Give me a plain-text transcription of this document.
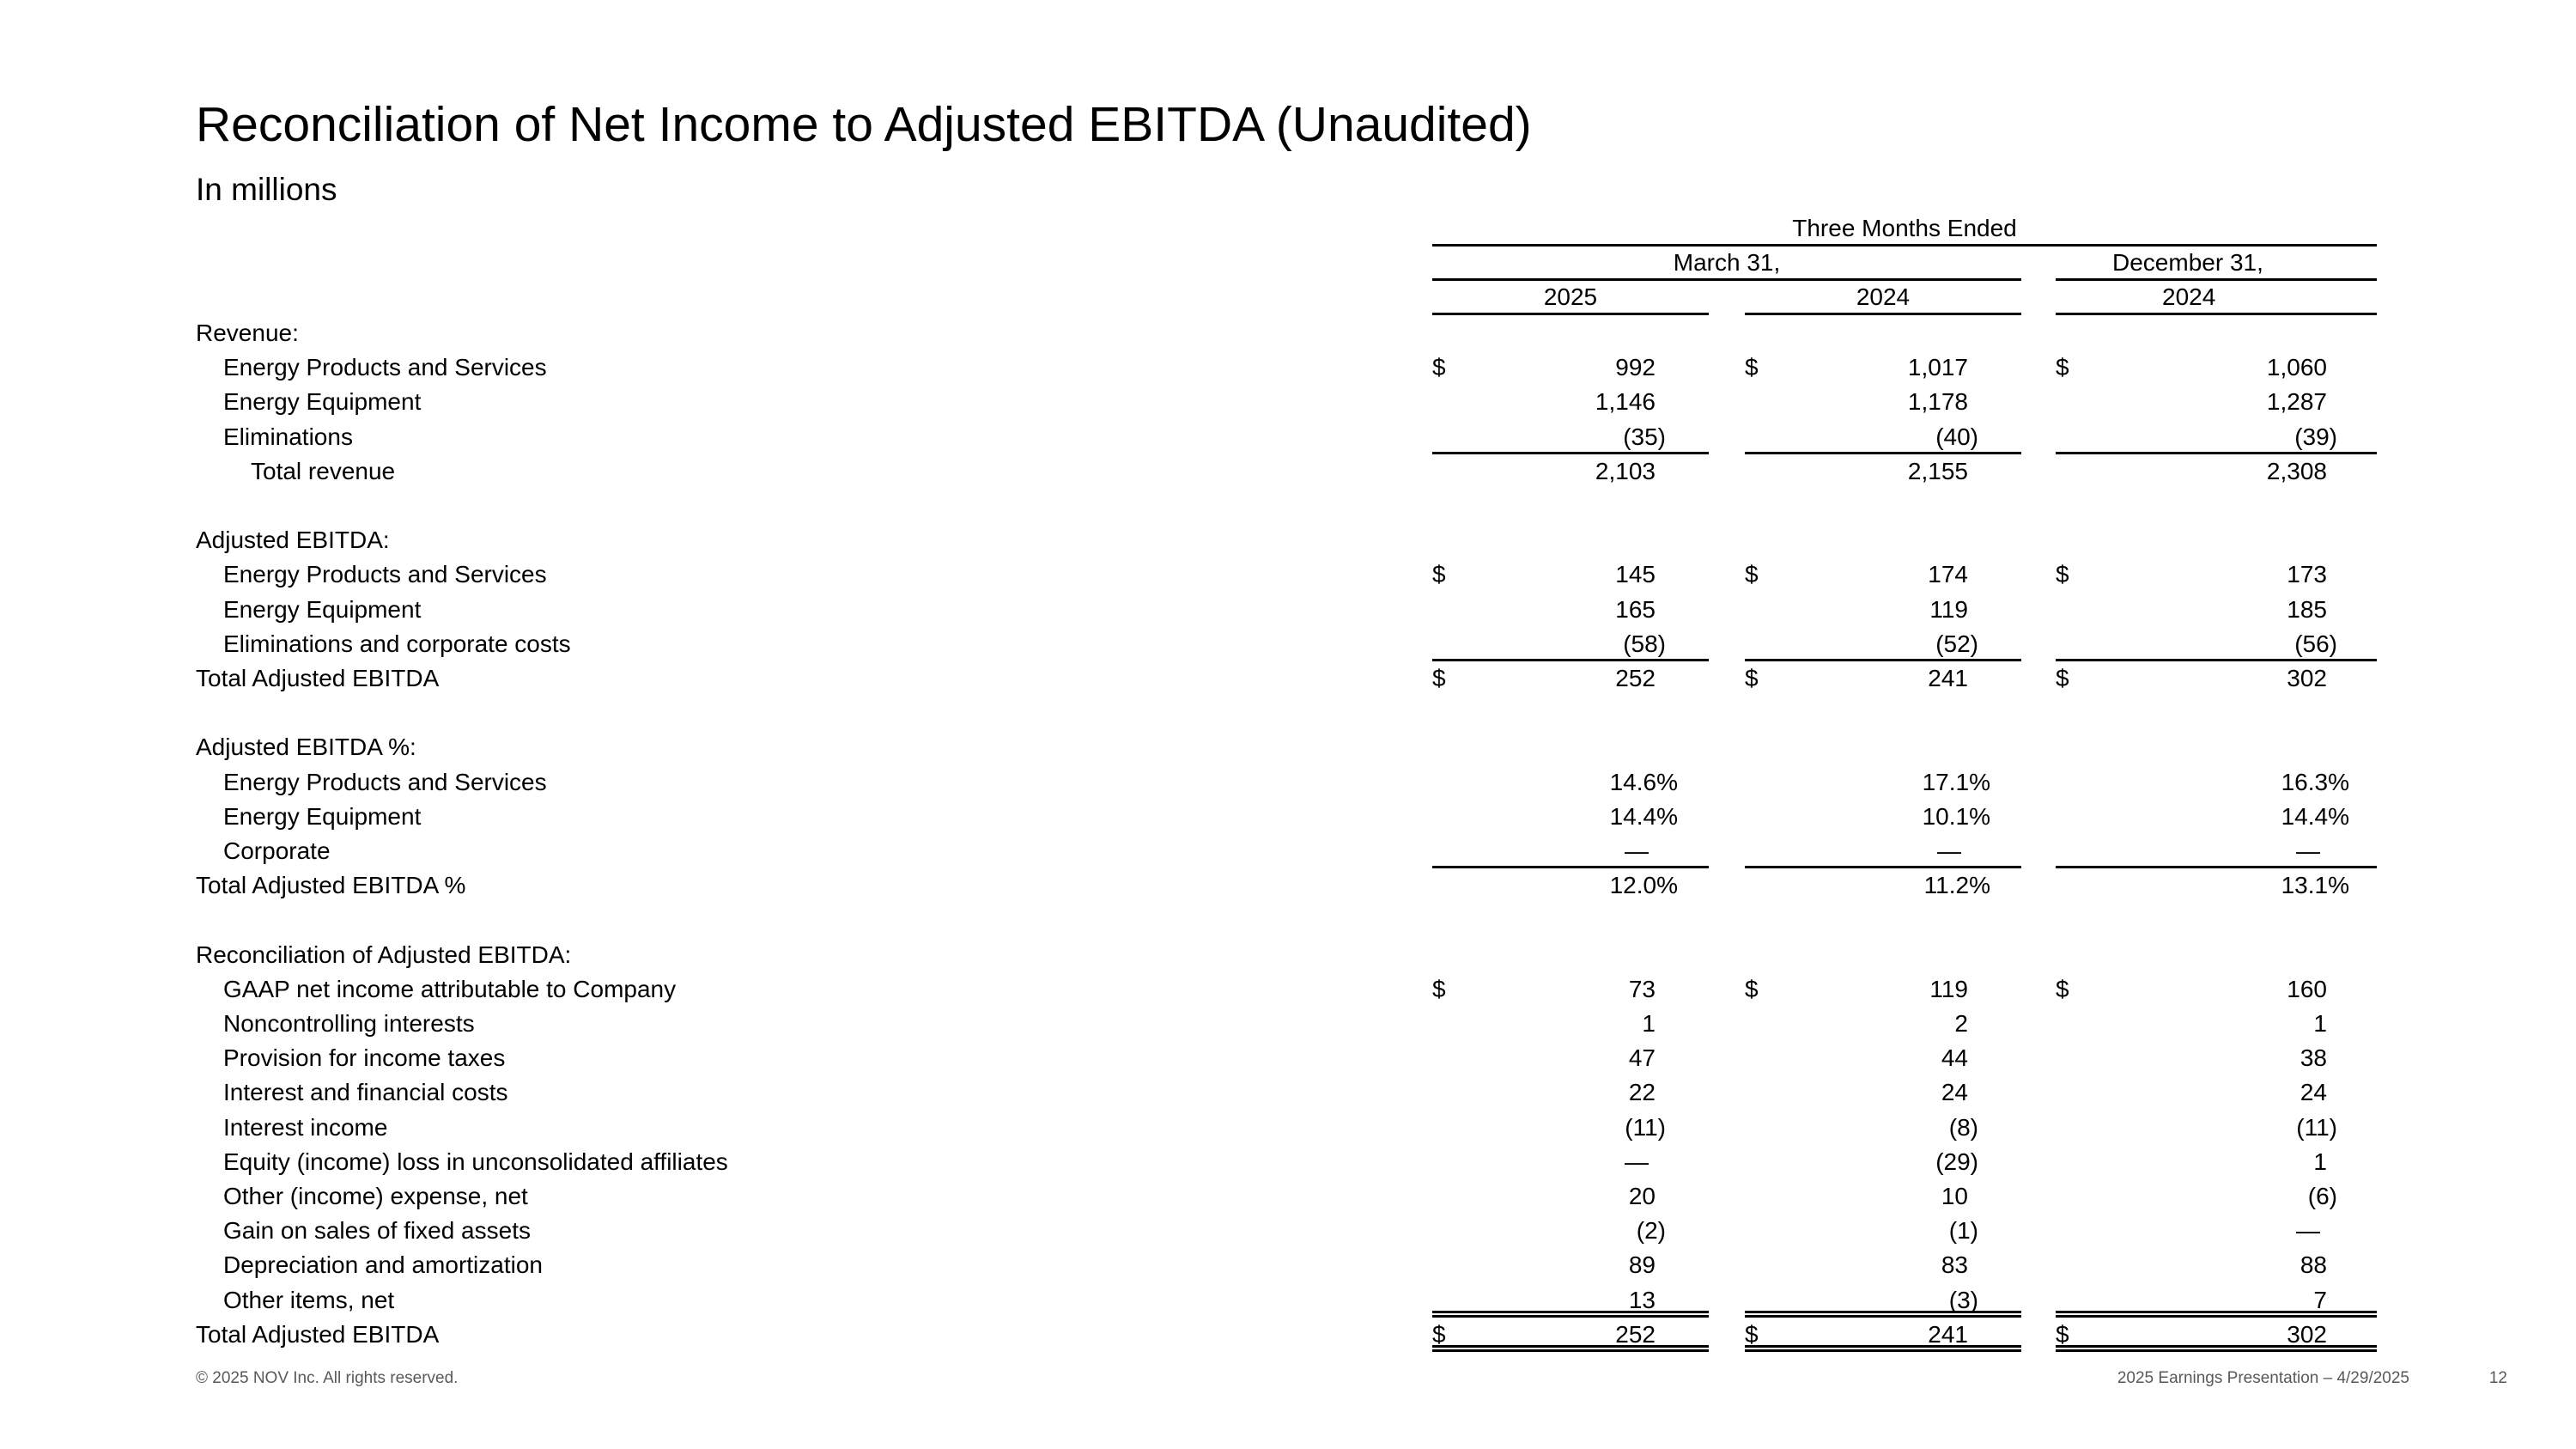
Reconciliation of Net Income to Adjusted EBITDA (Unaudited)
In millions
Three Months Ended
March 31,	December 31,
2025	2024	2024
Revenue:
Energy Products and Services	$	992	$	1,017	$	1,060
Energy Equipment	1,146	1,178	1,287
Eliminations	(35)	(40)	(39)
Total revenue	2,103	2,155	2,308
Adjusted EBITDA:
Energy Products and Services	$	145	$	174	$	173
Energy Equipment	165	119	185
Eliminations and corporate costs	(58)	(52)	(56)
Total Adjusted EBITDA	$	252	$	241	$	302
Adjusted EBITDA %:
Energy Products and Services	14.6%	17.1%	16.3%
Energy Equipment	14.4%	10.1%	14.4%
Corporate	—	—	—
Total Adjusted EBITDA %	12.0%	11.2%	13.1%
Reconciliation of Adjusted EBITDA:
GAAP net income attributable to Company	$	73	$	119	$	160
Noncontrolling interests	1	2	1
Provision for income taxes	47	44	38
Interest and financial costs	22	24	24
Interest income	(11)	(8)	(11)
Equity (income) loss in unconsolidated affiliates	—	(29)	1
Other (income) expense, net	20	10	(6)
Gain on sales of fixed assets	(2)	(1)	—
Depreciation and amortization	89	83	88
Other items, net	13	(3)	7
Total Adjusted EBITDA	$	252	$	241	$	302
© 2025 NOV Inc. All rights reserved.	2025 Earnings Presentation – 4/29/2025	12
